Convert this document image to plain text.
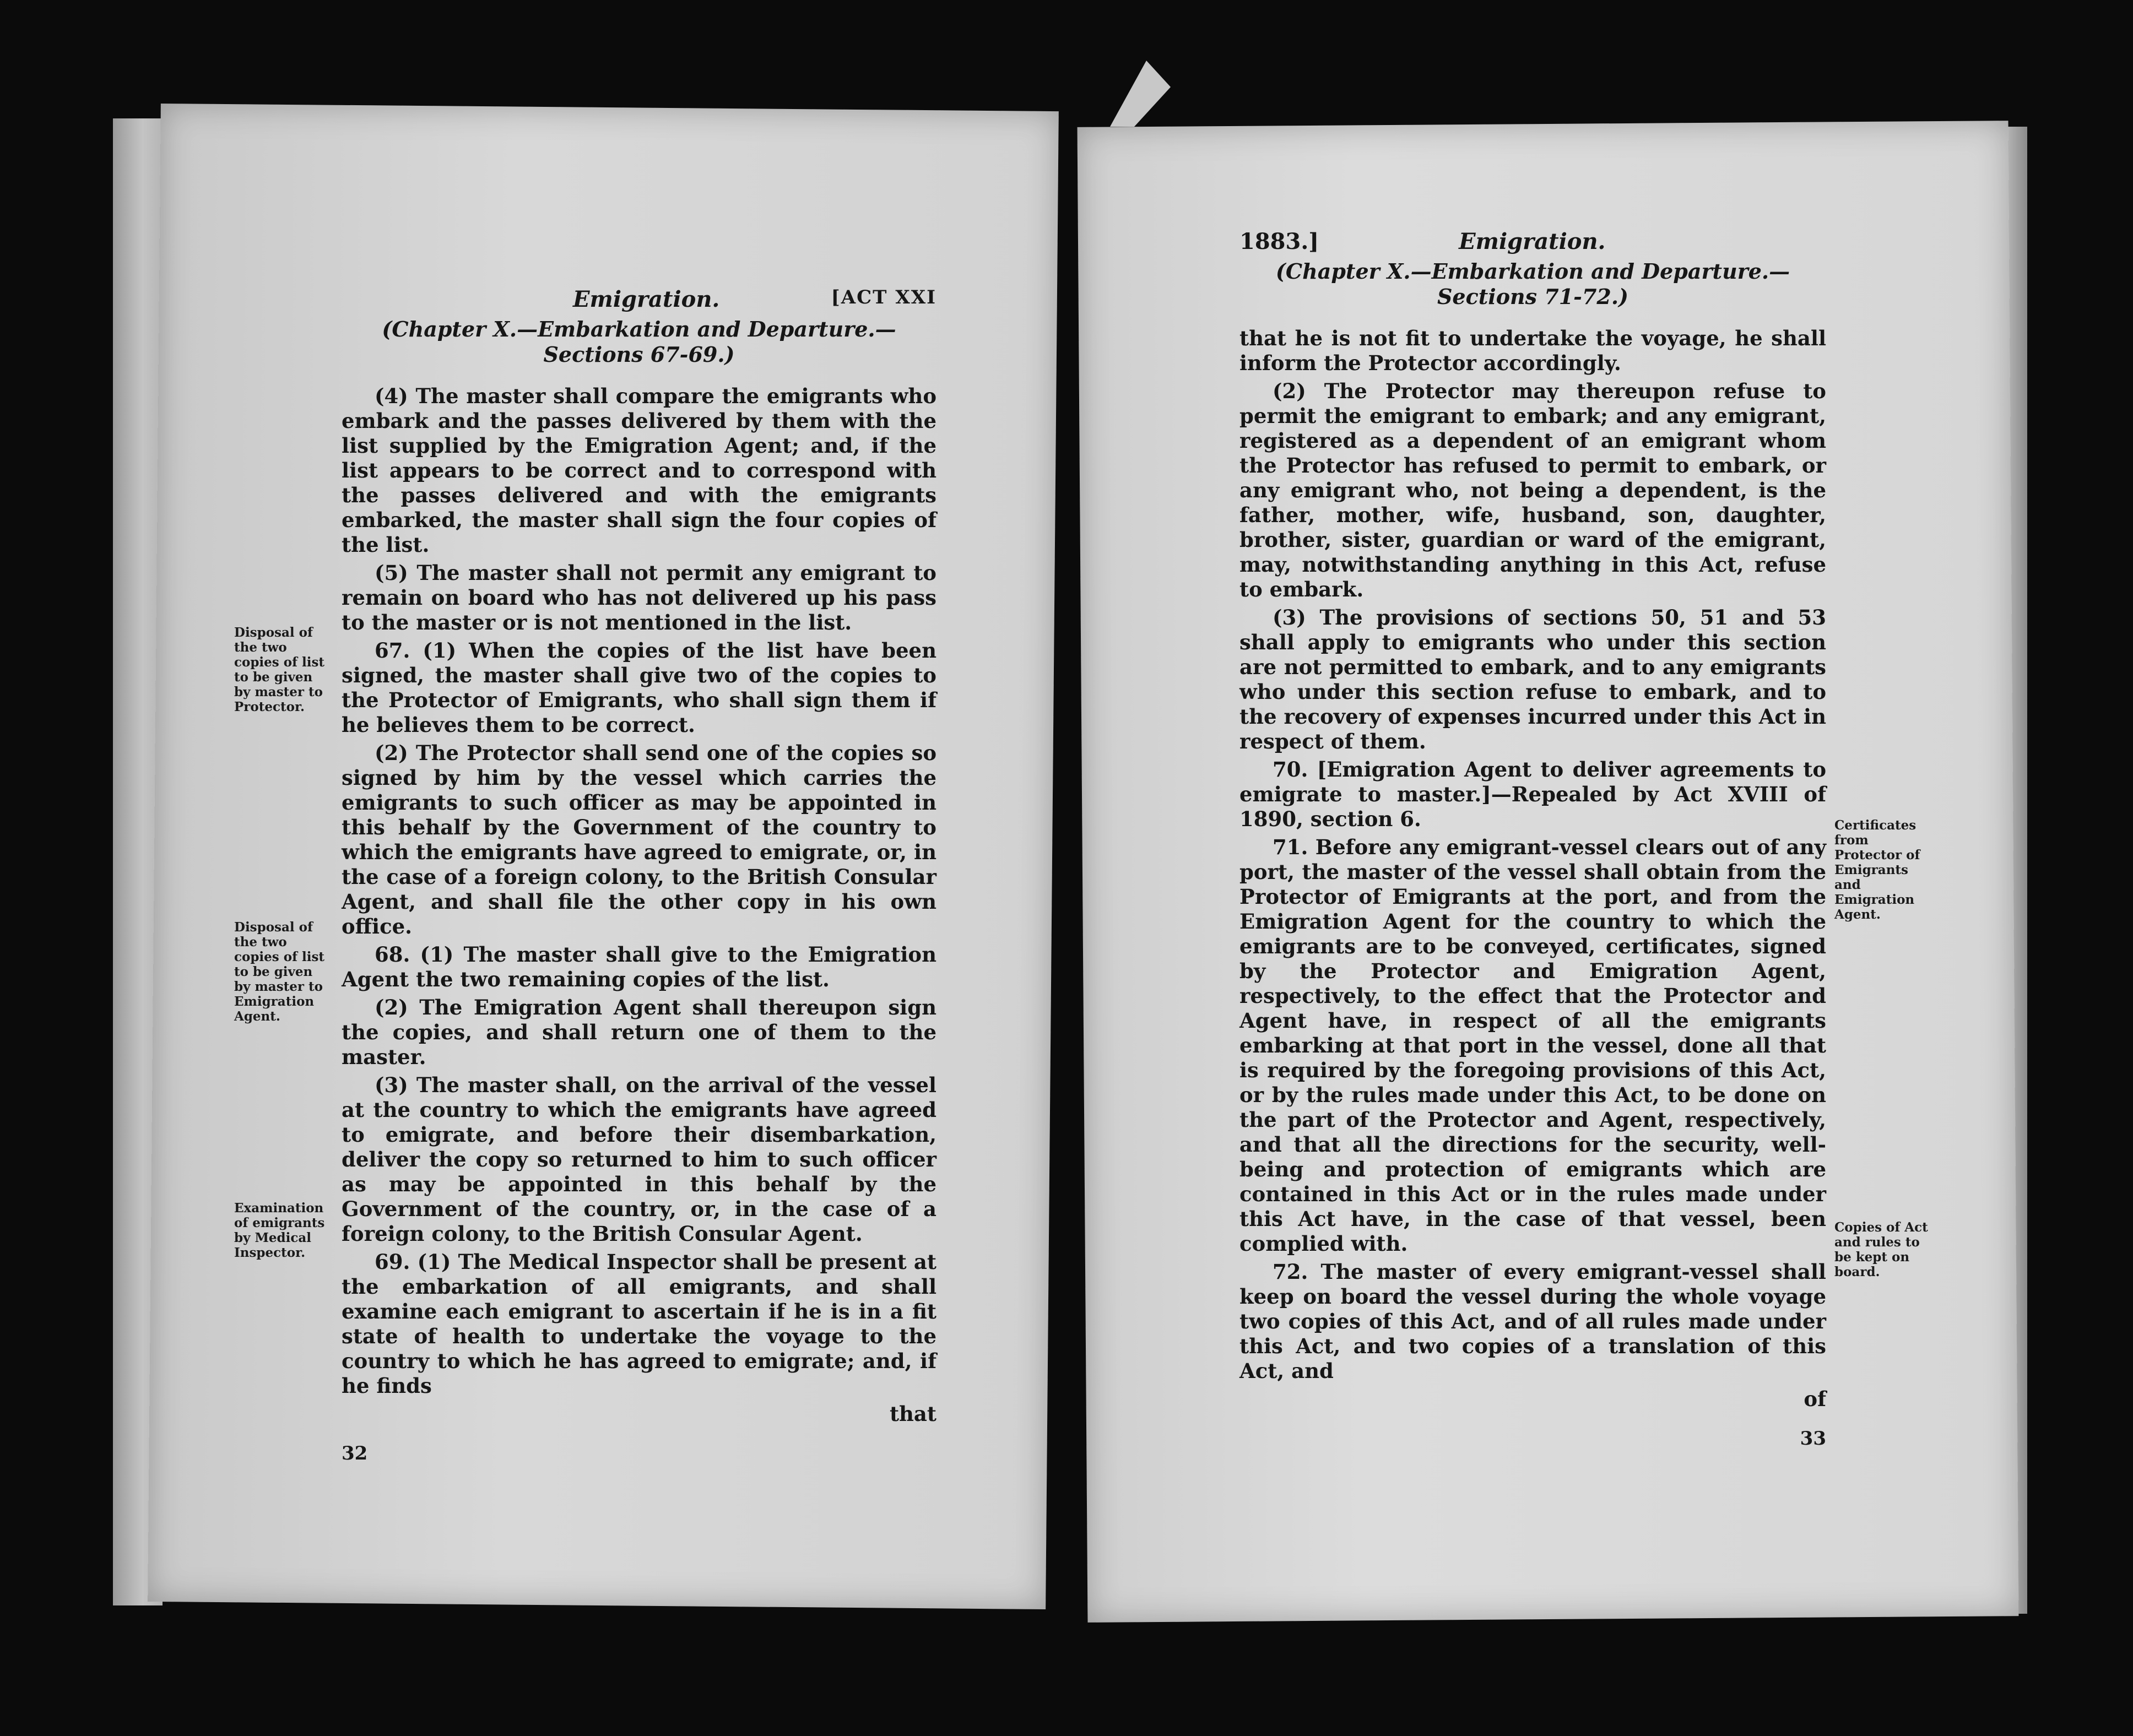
Emigration.	[ACT XXI
(Chapter X.—Embarkation and Departure.—Sections 67-69.)

(4) The master shall compare the emigrants who embark and the passes delivered by them with the list supplied by the Emigration Agent; and, if the list appears to be correct and to correspond with the passes delivered and with the emigrants embarked, the master shall sign the four copies of the list.

(5) The master shall not permit any emigrant to remain on board who has not delivered up his pass to the master or is not mentioned in the list.

67. (1) When the copies of the list have been signed, the master shall give two of the copies to the Protector of Emigrants, who shall sign them if he believes them to be correct.

(2) The Protector shall send one of the copies so signed by him by the vessel which carries the emigrants to such officer as may be appointed in this behalf by the Government of the country to which the emigrants have agreed to emigrate, or, in the case of a foreign colony, to the British Consular Agent, and shall file the other copy in his own office.

68. (1) The master shall give to the Emigration Agent the two remaining copies of the list.

(2) The Emigration Agent shall thereupon sign the copies, and shall return one of them to the master.

(3) The master shall, on the arrival of the vessel at the country to which the emigrants have agreed to emigrate, and before their disembarkation, deliver the copy so returned to him to such officer as may be appointed in this behalf by the Government of the country, or, in the case of a foreign colony, to the British Consular Agent.

69. (1) The Medical Inspector shall be present at the embarkation of all emigrants, and shall examine each emigrant to ascertain if he is in a fit state of health to undertake the voyage to the country to which he has agreed to emigrate; and, if he finds

that
32
Disposal of the two copies of list to be given by master to Protector.
Disposal of the two copies of list to be given by master to Emigration Agent.
Examination of emigrants by Medical Inspector.
1883.]	Emigration.
(Chapter X.—Embarkation and Departure.—Sections 71-72.)

that he is not fit to undertake the voyage, he shall inform the Protector accordingly.

(2) The Protector may thereupon refuse to permit the emigrant to embark; and any emigrant, registered as a dependent of an emigrant whom the Protector has refused to permit to embark, or any emigrant who, not being a dependent, is the father, mother, wife, husband, son, daughter, brother, sister, guardian or ward of the emigrant, may, notwithstanding anything in this Act, refuse to embark.

(3) The provisions of sections 50, 51 and 53 shall apply to emigrants who under this section are not permitted to embark, and to any emigrants who under this section refuse to embark, and to the recovery of expenses incurred under this Act in respect of them.

70. [Emigration Agent to deliver agreements to emigrate to master.]—Repealed by Act XVIII of 1890, section 6.

71. Before any emigrant-vessel clears out of any port, the master of the vessel shall obtain from the Protector of Emigrants at the port, and from the Emigration Agent for the country to which the emigrants are to be conveyed, certificates, signed by the Protector and Emigration Agent, respectively, to the effect that the Protector and Agent have, in respect of all the emigrants embarking at that port in the vessel, done all that is required by the foregoing provisions of this Act, or by the rules made under this Act, to be done on the part of the Protector and Agent, respectively, and that all the directions for the security, well-being and protection of emigrants which are contained in this Act or in the rules made under this Act have, in the case of that vessel, been complied with.

72. The master of every emigrant-vessel shall keep on board the vessel during the whole voyage two copies of this Act, and of all rules made under this Act, and two copies of a translation of this Act, and

of
33
Certificates from Protector of Emigrants and Emigration Agent.
Copies of Act and rules to be kept on board.
